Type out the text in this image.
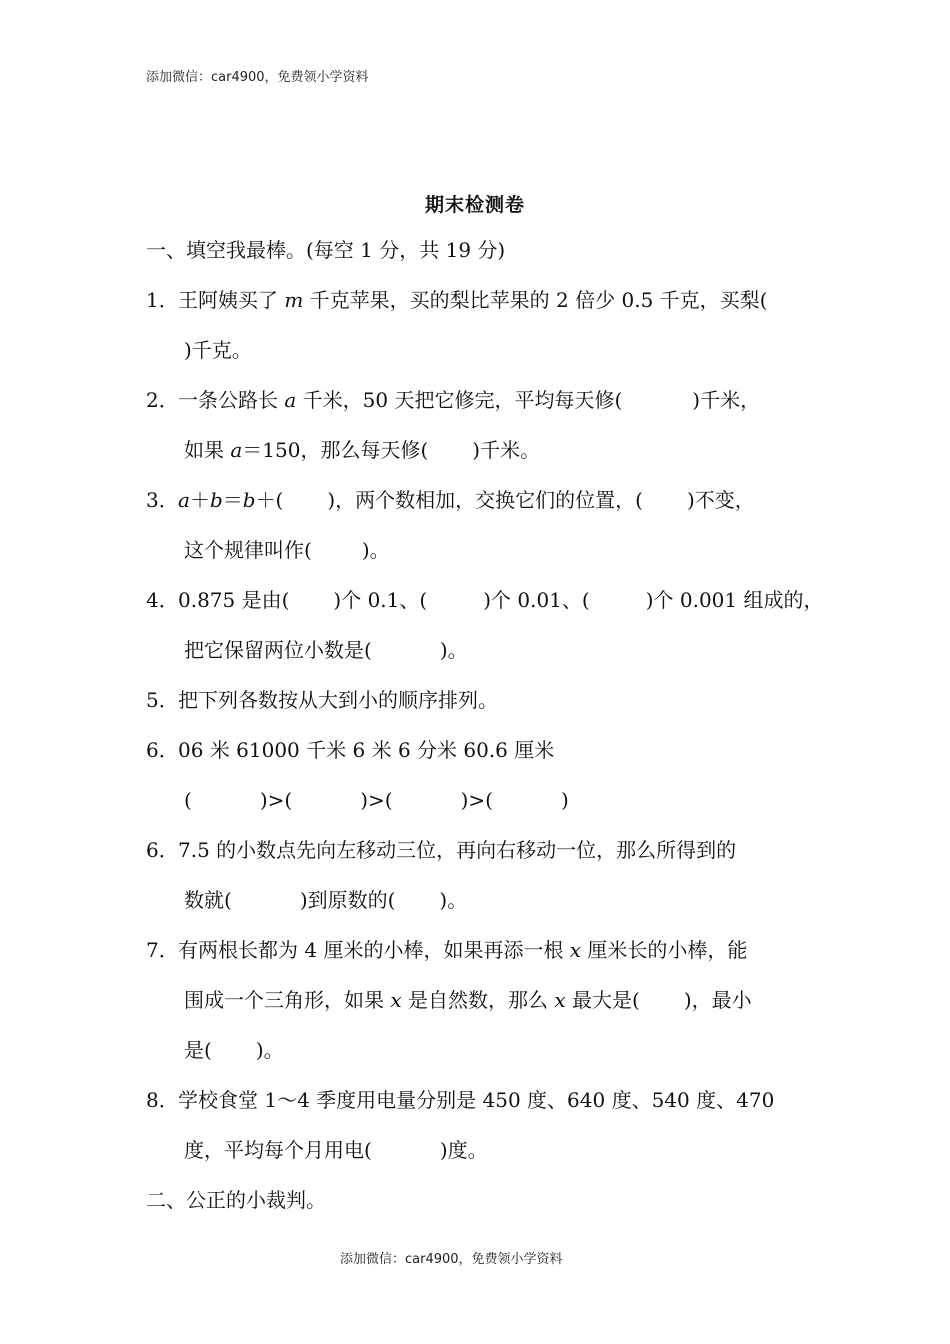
添加微信：car4900，免费领小学资料
期末检测卷
一、填空我最棒。(每空 1 分，共 19 分)
1．王阿姨买了 m 千克苹果，买的梨比苹果的 2 倍少 0.5 千克，买梨(
)千克。
2．一条公路长 a 千米，50 天把它修完，平均每天修(	)千米，
如果 a＝150，那么每天修( )千米。
3．a＋b＝b＋( )，两个数相加，交换它们的位置，( )不变，
这个规律叫作(	)。
4．0.875 是由( )个 0.1、(	)个 0.01、(	)个 0.001 组成的，
把它保留两位小数是(	)。
5．把下列各数按从大到小的顺序排列。
6．06 米 61000 千米 6 米 6 分米 60.6 厘米
(	)>(	)>(	)>(	)
6．7.5 的小数点先向左移动三位，再向右移动一位，那么所得到的
数就(	)到原数的( )。
7．有两根长都为 4 厘米的小棒，如果再添一根 x 厘米长的小棒，能
围成一个三角形，如果 x 是自然数，那么 x 最大是( )，最小
是( )。
8．学校食堂 1～4 季度用电量分别是 450 度、640 度、540 度、470
度，平均每个月用电(	)度。
二、公正的小裁判。
添加微信：car4900，免费领小学资料
